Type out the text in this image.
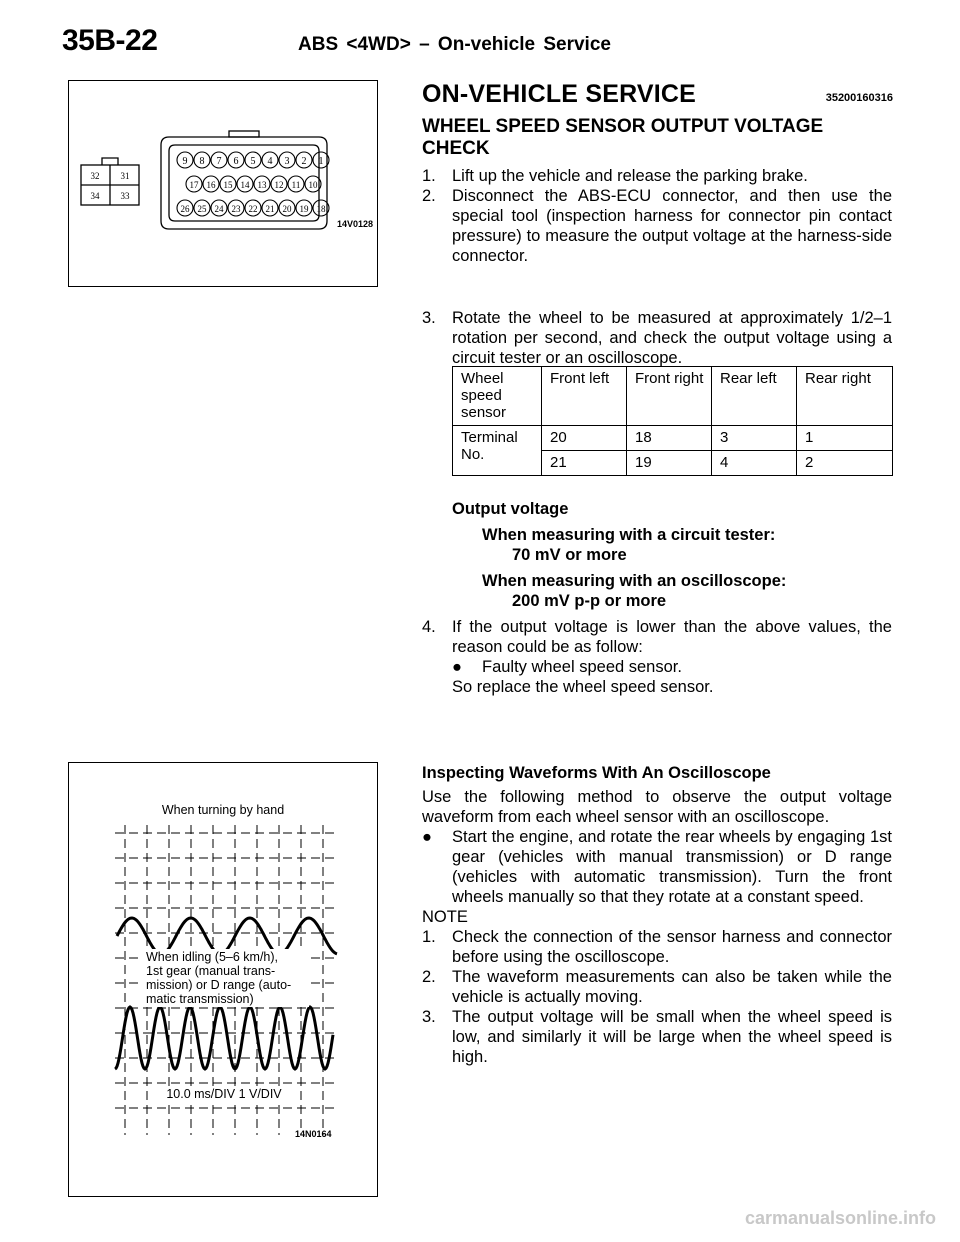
35B-22	ABS <4WD> – On-vehicle Service
32 31
34 33
9 8 7 6 5 4 3 2 1
17 16 15 14 13 12 11 10
26 25 24 23 22 21 20 19 18
14V0128
ON-VEHICLE SERVICE	35200160316
WHEEL SPEED SENSOR OUTPUT VOLTAGE CHECK
1. Lift up the vehicle and release the parking brake.
2. Disconnect the ABS-ECU connector, and then use the special tool (inspection harness for connector pin contact pressure) to measure the output voltage at the harness-side connector.
3. Rotate the wheel to be measured at approximately 1/2–1 rotation per second, and check the output voltage using a circuit tester or an oscilloscope.
Wheel speed sensor	Front left	Front right	Rear left	Rear right
Terminal No.	20	18	3	1
	21	19	4	2
Output voltage
When measuring with a circuit tester:
70 mV or more
When measuring with an oscilloscope:
200 mV p-p or more
4. If the output voltage is lower than the above values, the reason could be as follow:
● Faulty wheel speed sensor.
So replace the wheel speed sensor.
Inspecting Waveforms With An Oscilloscope
Use the following method to observe the output voltage waveform from each wheel sensor with an oscilloscope.
● Start the engine, and rotate the rear wheels by engaging 1st gear (vehicles with manual transmission) or D range (vehicles with automatic transmission). Turn the front wheels manually so that they rotate at a constant speed.
NOTE
1. Check the connection of the sensor harness and connector before using the oscilloscope.
2. The waveform measurements can also be taken while the vehicle is actually moving.
3. The output voltage will be small when the wheel speed is low, and similarly it will be large when the wheel speed is high.
When turning by hand
When idling (5–6 km/h),
1st gear (manual trans-
mission) or D range (auto-
matic transmission)
10.0 ms/DIV 1 V/DIV
14N0164
carmanualsonline.info
